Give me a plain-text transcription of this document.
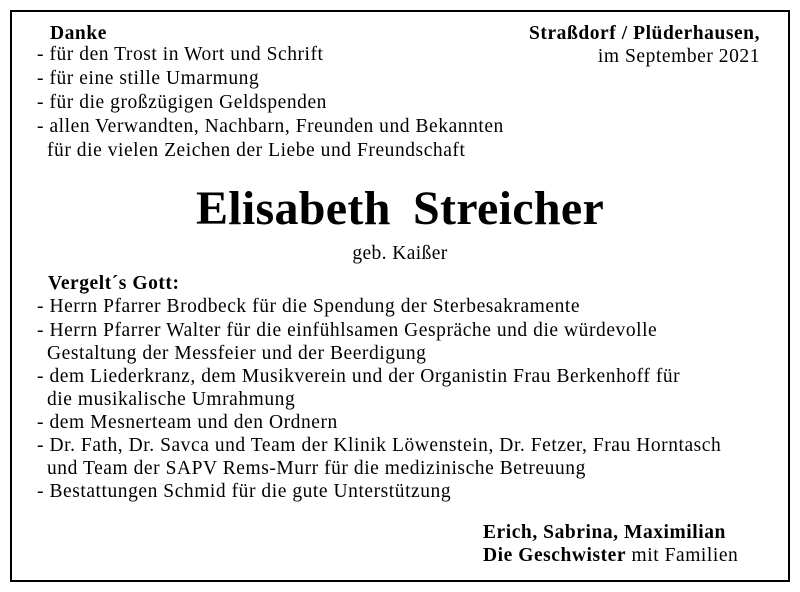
Danke
- für den Trost in Wort und Schrift
- für eine stille Umarmung
- für die großzügigen Geldspenden
- allen Verwandten, Nachbarn, Freunden und Bekannten
für die vielen Zeichen der Liebe und Freundschaft
Straßdorf / Plüderhausen,
im September 2021
Elisabeth Streicher
geb. Kaißer
Vergelt´s Gott:
- Herrn Pfarrer Brodbeck für die Spendung der Sterbesakramente
- Herrn Pfarrer Walter für die einfühlsamen Gespräche und die würdevolle
Gestaltung der Messfeier und der Beerdigung
- dem Liederkranz, dem Musikverein und der Organistin Frau Berkenhoff für
die musikalische Umrahmung
- dem Mesnerteam und den Ordnern
- Dr. Fath, Dr. Savca und Team der Klinik Löwenstein, Dr. Fetzer, Frau Horntasch
und Team der SAPV Rems-Murr für die medizinische Betreuung
- Bestattungen Schmid für die gute Unterstützung
Erich, Sabrina, Maximilian
Die Geschwister mit Familien
